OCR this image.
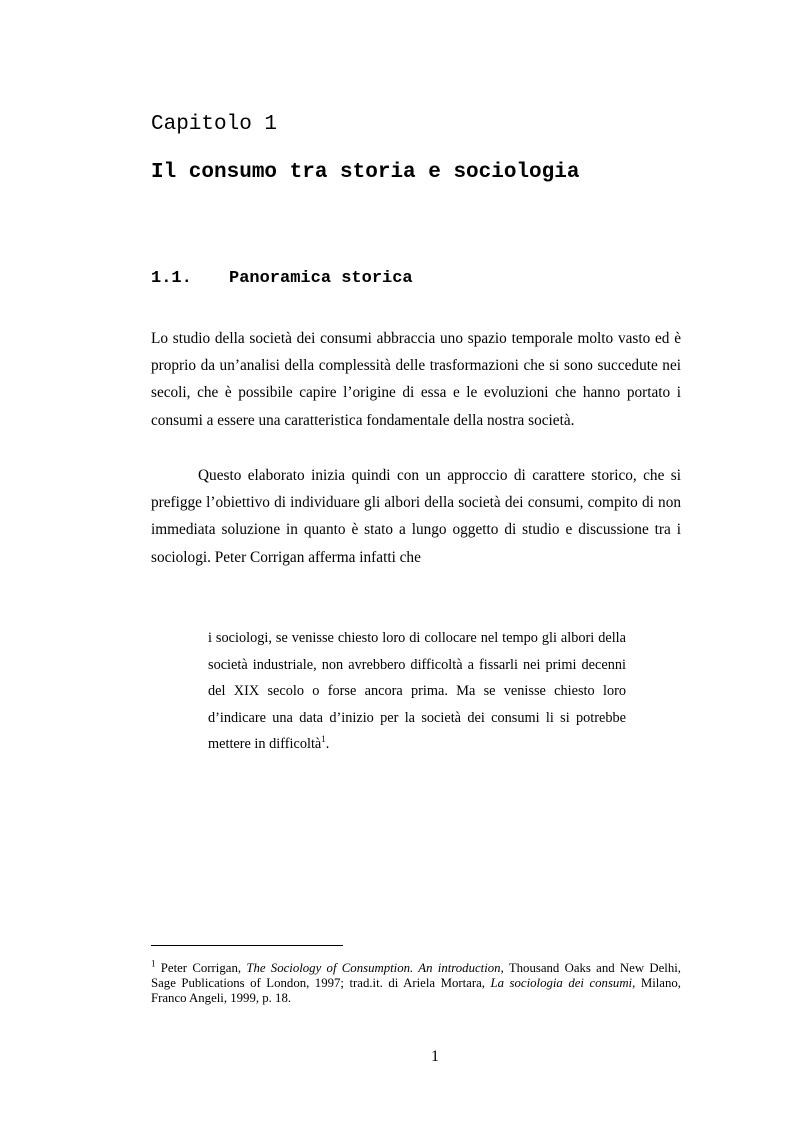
Capitolo 1
Il consumo tra storia e sociologia
1.1. Panoramica storica

Lo studio della società dei consumi abbraccia uno spazio temporale molto vasto ed è proprio da un’analisi della complessità delle trasformazioni che si sono succedute nei secoli, che è possibile capire l’origine di essa e le evoluzioni che hanno portato i consumi a essere una caratteristica fondamentale della nostra società.

Questo elaborato inizia quindi con un approccio di carattere storico, che si prefigge l’obiettivo di individuare gli albori della società dei consumi, compito di non immediata soluzione in quanto è stato a lungo oggetto di studio e discussione tra i sociologi. Peter Corrigan afferma infatti che

i sociologi, se venisse chiesto loro di collocare nel tempo gli albori della società industriale, non avrebbero difficoltà a fissarli nei primi decenni del XIX secolo o forse ancora prima. Ma se venisse chiesto loro d’indicare una data d’inizio per la società dei consumi li si potrebbe mettere in difficoltà$^1$.

$^1$ Peter Corrigan, The Sociology of Consumption. An introduction, Thousand Oaks and New Delhi, Sage Publications of London, 1997; trad.it. di Ariela Mortara, La sociologia dei consumi, Milano, Franco Angeli, 1999, p. 18.

1
